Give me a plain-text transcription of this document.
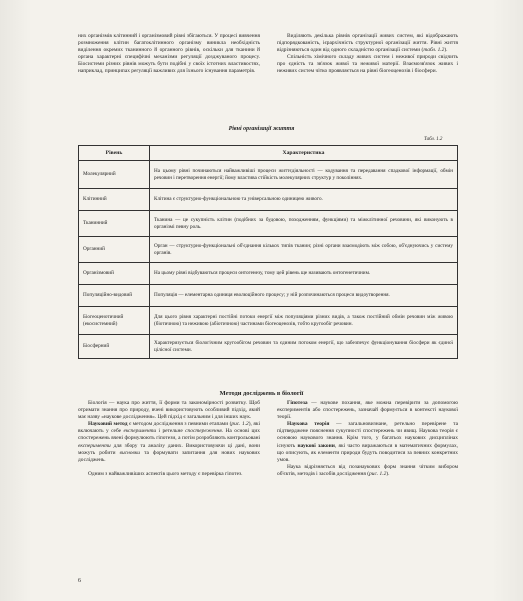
них організмів клітинний і організмовий рівні збігаються. У процесі вивчення розмноження клітин багатоклітинного організму виникла необхідність виділення окремих тканинного й органного рівнів, оскільки для тканини й органа характерні специфічні механізми регуляції дозджуваного процесу. Біосистеми різних рівнів можуть бути подібні у своїх істотних властивостях, наприклад, принципах регуляції важливих для їхнього існування параметрів.

Виділяють декілька рівнів організації живих систем, які відображають підпорядкованість, ієрархічність структурної організації життя. Рівні життя відрізняються один від одного складністю організації системи (табл. 1.2).

Спільність хімічного складу живих систем і неживої природи свідчить про єдність та зв'язок живої та неживої матерії. Взаємозв'язок живих і неживих систем чітко проявляється на рівні біогеоценозів і біосфери.

Рівні організації життя
Табл. 1.2
Рівень	Характеристика
Молекулярний	На цьому рівні починаються найважливіші процеси життєдіяльності — кодування та передавання спадкової інформації, обмін речовин і перетворення енергії; йому властива стійкість молекулярних структур у поколіннях.
Клітинний	Клітина є структурно-функціональною та універсальною одиницею живого.
Тканинний	Тканина — це сукупність клітин (подібних за будовою, походженням, функціями) та міжклітинної речовини, які виконують в організмі певну роль.
Органний	Орган — структурно-функціональні об'єднання кількох типів тканин; різні органи взаємодіють між собою, об'єднуючись у систему органів.
Організмовий	На цьому рівні відбуваються процеси онтогенезу, тому цей рівень ще називають онтогенетичним.
Популяційно-видовий	Популяція — елементарна одиниця еволюційного процесу; у ній розпочинаються процеси видоутворення.
Біогеоценотичний (екосистемний)	Для цього рівня характерні постійні потоки енергії між популяціями різних видів, а також постійний обмін речовин між живою (біотичною) та неживою (абіотичною) частинами біогеоценозів, тобто кругообіг речовин.
Біосферний	Характеризується біологічним кругообігом речовин та єдиним потоком енергії, що забезпечує функціонування біосфери як єдиної цілісної системи.
Методи досліджень в біології

Біологія — наука про життя, її форми та закономірності розвитку. Щоб отримати знання про природу, вчені використовують особливий підхід, який має назву «наукове дослідження». Цей підхід є загальним і для інших наук.

Науковий метод є методом дослідження з певними етапами (рис. 1.2), які включають у себе експерименти і ретельне спостереження. На основі цих спостережень вчені формулюють гіпотези, а потім розробляють контрольовані експерименти для збору та аналізу даних. Використовуючи ці дані, вони можуть робити висновки та формувати запитання для нових наукових досліджень.

Одним з найважливіших аспектів цього методу є перевірка гіпотез.

Гіпотеза — наукове похання, яке можна перевірити за допомогою експериментів або спостережень, зазначай формується в контексті наукової теорії.

Наукова теорія — загальновизнане, ретельно перевірене та підтверджене пояснення сукупності спостережень чи явищ. Наукова теорія є основою наукового знання. Крім того, у багатьох наукових дисциплінах існують наукові закони, які часто виражаються в математичних формулах, що описують, як елементи природи будуть поводитися за певних конкретних умов.

Наука відрізняється від позанаукових форм знання чітким вибором об'єктів, методів і засобів дослідження (рис. 1.2).

6
